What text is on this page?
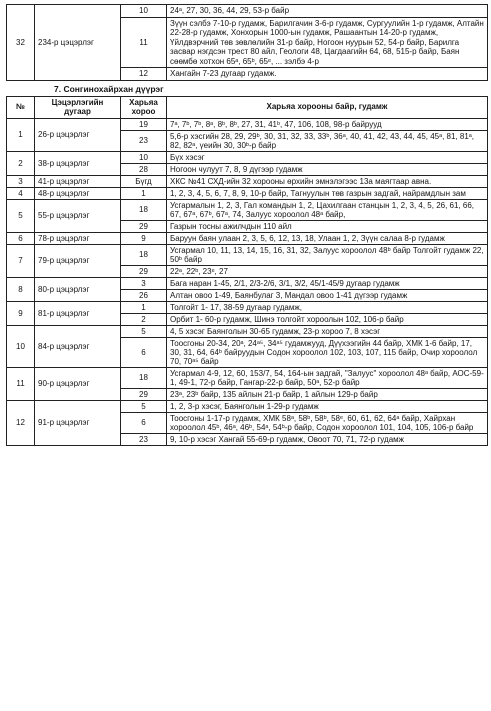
32	234-р цэцэрлэг	10	24ᵃ, 27, 30, 36, 44, 29, 53-р байр
		11	Зүүн сэлбэ 7-10-р гудамж, Барилгачин 3-6-р гудамж, Сургуулийн 1-р гудамж, Алтайн 22-28-р гудамж, Хонхорын 1000-ын гудамж, Рашаантын 14-20-р гудамж, Үйлдвэрчний төв зөвлөлийн 31-р байр, Ногоон нуурын 52, 54-р байр, Барилга засвар нэгдсэн трест 80 айл, Геологи 48, Цагдаагийн 64, 68, 515-р байр, Баян сөөмбө хотхон 65ᵃ, 65ᵇ, 65ᵉ, ... зэлбэ 4-р
		12	Хангайн 7-23 дугаар гудамж.
7. Сонгинохайрхан дүүрэг
№	Цэцэрлэгийн дугаар	Харьяа хороо	Харьяа хорооны байр, гудамж
1	26-р цэцэрлэг	19	7ᵃ, 7ᵇ, 7ᵇ, 8ᵃ, 8ᵇ, 8ᵇ, 27, 31, 41ᵇ, 47, 106, 108, 98-р байрууд
		23	5,6-р хэсгийн 28, 29, 29ᵇ, 30, 31, 32, 33, 33ᵇ, 36ᵃ, 40, 41, 42, 43, 44, 45, 45ᵃ, 81, 81ᵃ, 82, 82ᵃ, үеийн 30, 30ᵇ-р байр
2	38-р цэцэрлэг	10	Бүх хэсэг
		28	Ногоон чулуут 7, 8, 9 дүгээр гудамж
3	41-р цэцэрлэг	Бүгд	ХКС №41 СХД-ийн 32 хорооны өрхийн эмнэлэгээс 13а маягтаар авна.
4	48-р цэцэрлэг	1	1, 2, 3, 4, 5, 6, 7, 8, 9, 10-р байр, Тагнуулын төв газрын задгай, найрамдлын зам
5	55-р цэцэрлэг	18	Усгармалын 1, 2, 3, Гал командын 1, 2, Цахилгаан станцын 1, 2, 3, 4, 5, 26, 61, 66, 67, 67ᵃ, 67ᵇ, 67ᵃ, 74, Залуус хороолол 48ᵃ байр,
		29	Газрын тосны ажилчдын 110 айл
6	78-р цэцэрлэг	9	Баруун баян улаан 2, 3, 5, 6, 12, 13, 18, Улаан 1, 2, Зүүн салаа 8-р гудамж
7	79-р цэцэрлэг	18	Усгармал 10, 11, 13, 14, 15, 16, 31, 32, Залуус хороолол 48ᵇ байр Толгойт гудамж 22, 50ᵇ байр
		29	22ᵃ, 22ᵇ, 23ᵉ, 27
8	80-р цэцэрлэг	3	Бага наран 1-45, 2/1, 2/3-2/6, 3/1, 3/2, 45/1-45/9 дугаар гудамж
		26	Алтан овоо 1-49, Баянбулаг 3, Мандал овоо 1-41 дүгээр гудамж
9	81-р цэцэрлэг	1	Толгойт 1- 17, 38-59 дугаар гудамж,
		2	Орбит 1- 60-р гудамж, Шинэ толгойт хороолын 102, 106-р байр
10	84-р цэцэрлэг	5	4, 5 хэсэг Баянголын 30-65 гудамж, 23-р хороо 7, 8 хэсэг
		6	Тоосгоны 20-34, 20ᵃ, 24ᵃ⁵, 34ᵃ⁵ гудамжууд, Дүүхээгийн 44 байр, ХМК 1-6 байр, 17, 30, 31, 64, 64ᵇ байруудын Содон хороолол 102, 103, 107, 115 байр, Очир хороолол 70, 70ᵃ⁵ байр
11	90-р цэцэрлэг	18	Усгармал 4-9, 12, 60, 153/7, 54, 164-ын задгай, "Залуус" хороолол 48ᵃ байр, АОС-59-1, 49-1, 72-р байр, Гангар-22-р байр, 50ᵃ, 52-р байр
		29	23ᵃ, 23ᵇ байр, 135 айлын 21-р байр, 1 айлын 129-р байр
12	91-р цэцэрлэг	5	1, 2, 3-р хэсэг, Баянголын 1-29-р гудамж
		6	Тоосгоны 1-17-р гудамж, ХМК 58ᵃ, 58ᵇ, 58ᵇ, 58ᵉ, 60, 61, 62, 64ᵃ байр, Хайрхан хороолол 45ᵇ, 46ᵃ, 46ᵇ, 54ᵃ, 54ᵇ-р байр, Содон хороолол 101, 104, 105, 106-р байр
		23	9, 10-р хэсэг Хангай 55-69-р гудамж, Овоот 70, 71, 72-р гудамж
